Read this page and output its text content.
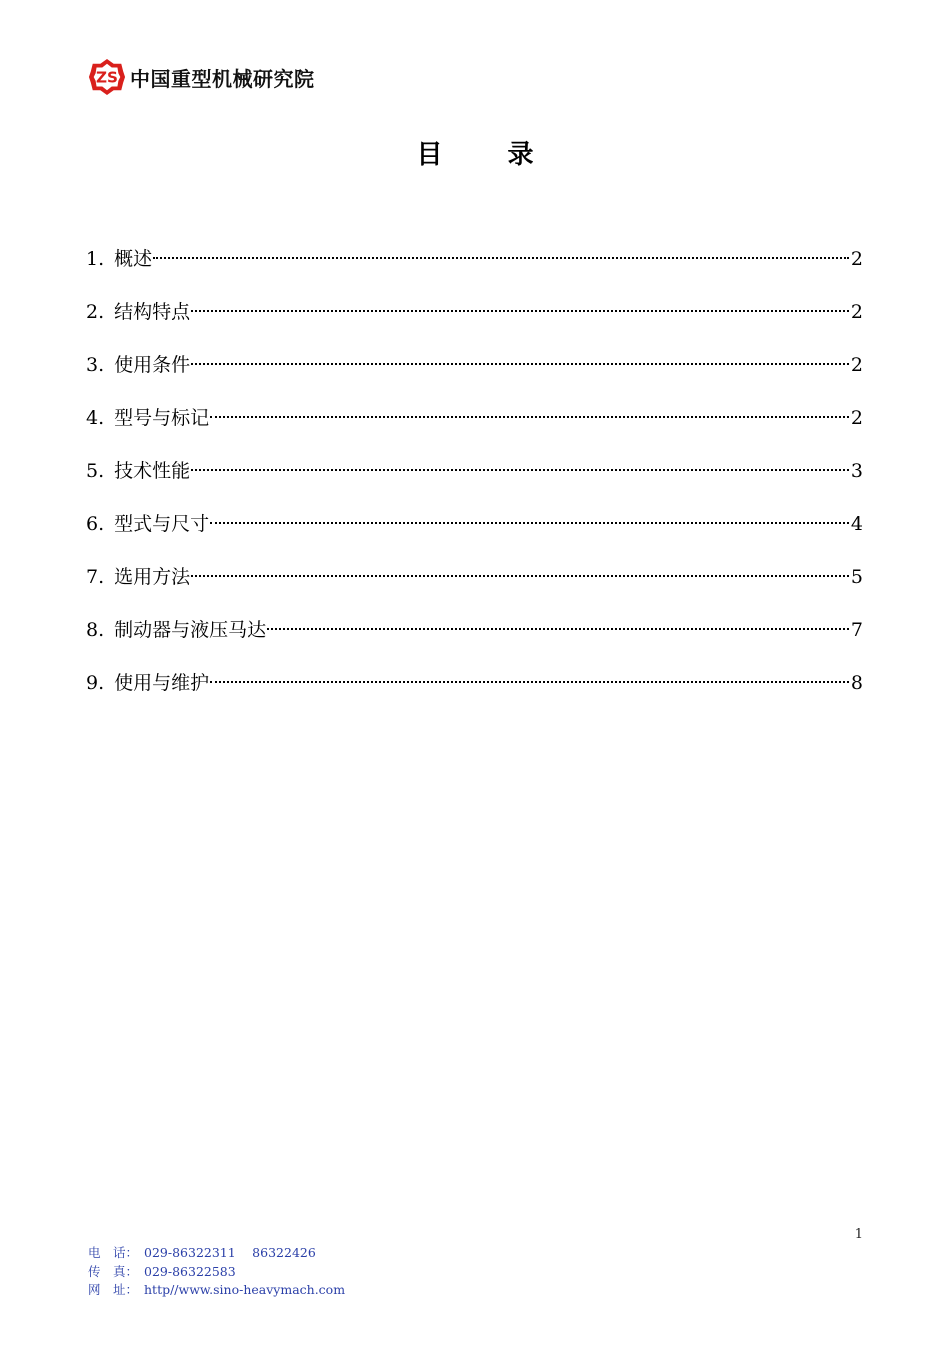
ZS 中国重型机械研究院
目 录
1. 概述	2
2. 结构特点	2
3. 使用条件	2
4. 型号与标记	2
5. 技术性能	3
6. 型式与尺寸	4
7. 选用方法	5
8. 制动器与液压马达	7
9. 使用与维护	8
1
电　话： 029-86322311　 86322426
传　真： 029-86322583
网　址： http//www.sino-heavymach.com
